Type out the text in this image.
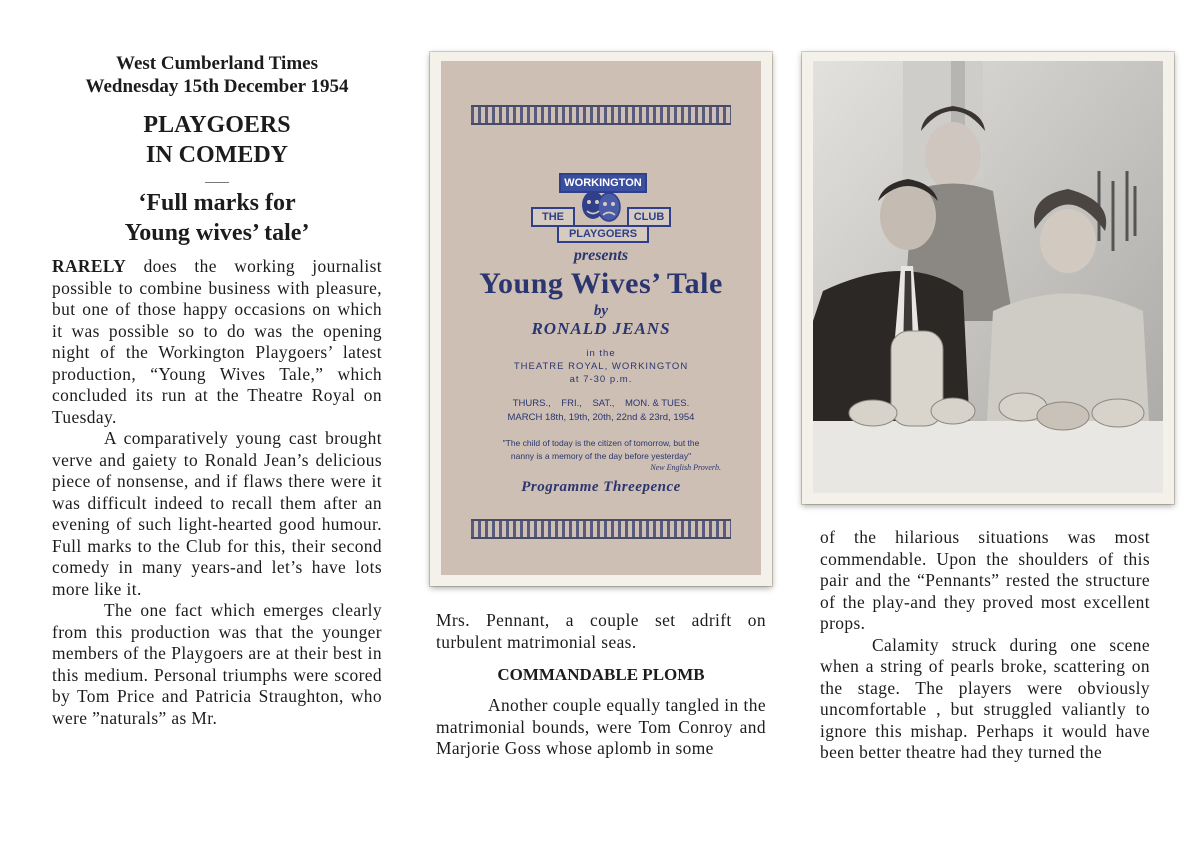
West Cumberland Times
Wednesday 15th December 1954
PLAYGOERS
IN COMEDY
____
‘Full marks for
Young wives’ tale’

RARELY does the working journalist possible to combine business with pleasure, but one of those happy occasions on which it was possible so to do was the opening night of the Workington Playgoers’ latest production, “Young Wives Tale,” which concluded its run at the Theatre Royal on Tuesday.

A comparatively young cast brought verve and gaiety to Ronald Jean’s delicious piece of nonsense, and if flaws there were it was difficult indeed to recall them after an evening of such light-hearted good humour. Full marks to the Club for this, their second comedy in many years-and let’s have lots more like it.

The one fact which emerges clearly from this production was that the younger members of the Playgoers are at their best in this medium. Personal triumphs were scored by Tom Price and Patricia Straughton, who were ”naturals” as Mr.

WORKINGTON
THE	CLUB
PLAYGOERS
presents
Young Wives’ Tale
by
RONALD JEANS
in the
THEATRE ROYAL, WORKINGTON
at 7-30 p.m.
THURS.,    FRI.,    SAT.,    MON. & TUES.
MARCH 18th, 19th, 20th, 22nd & 23rd, 1954
"The child of today is the citizen of tomorrow, but the
nanny is a memory of the day before yesterday"
New English Proverb.
Programme Threepence

Mrs. Pennant, a couple set adrift on turbulent matrimonial seas.

COMMANDABLE PLOMB

Another couple equally tangled in the matrimonial bounds, were Tom Conroy and Marjorie Goss whose aplomb in some

of the hilarious situations was most commendable. Upon the shoulders of this pair and the “Pennants” rested the structure of the play-and they proved most excellent props.

Calamity struck during one scene when a string of pearls broke, scattering on the stage. The players were obviously uncomfortable , but struggled valiantly to ignore this mishap. Perhaps it would have been better theatre had they turned the
